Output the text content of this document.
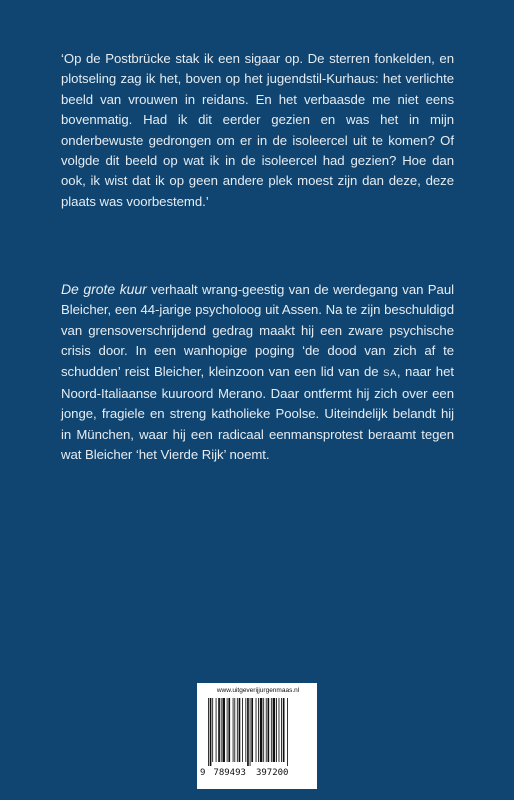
‘Op de Postbrücke stak ik een sigaar op. De sterren fonkelden, en plotseling zag ik het, boven op het jugendstil-Kurhaus: het verlichte beeld van vrouwen in reidans. En het verbaasde me niet eens bovenmatig. Had ik dit eerder gezien en was het in mijn onderbewuste gedrongen om er in de isoleercel uit te komen? Of volgde dit beeld op wat ik in de isoleercel had gezien? Hoe dan ook, ik wist dat ik op geen andere plek moest zijn dan deze, deze plaats was voorbestemd.’

De grote kuur verhaalt wrang-geestig van de werdegang van Paul Bleicher, een 44-jarige psycholoog uit Assen. Na te zijn beschuldigd van grensoverschrijdend gedrag maakt hij een zware psychische crisis door. In een wanhopige poging ‘de dood van zich af te schudden’ reist Bleicher, kleinzoon van een lid van de SA, naar het Noord-Italiaanse kuuroord Merano. Daar ontfermt hij zich over een jonge, fragiele en streng katholieke Poolse. Uiteindelijk belandt hij in München, waar hij een radicaal eenmansprotest beraamt tegen wat Bleicher ‘het Vierde Rijk’ noemt.

www.uitgeverijjurgenmaas.nl
9 789493 397200
